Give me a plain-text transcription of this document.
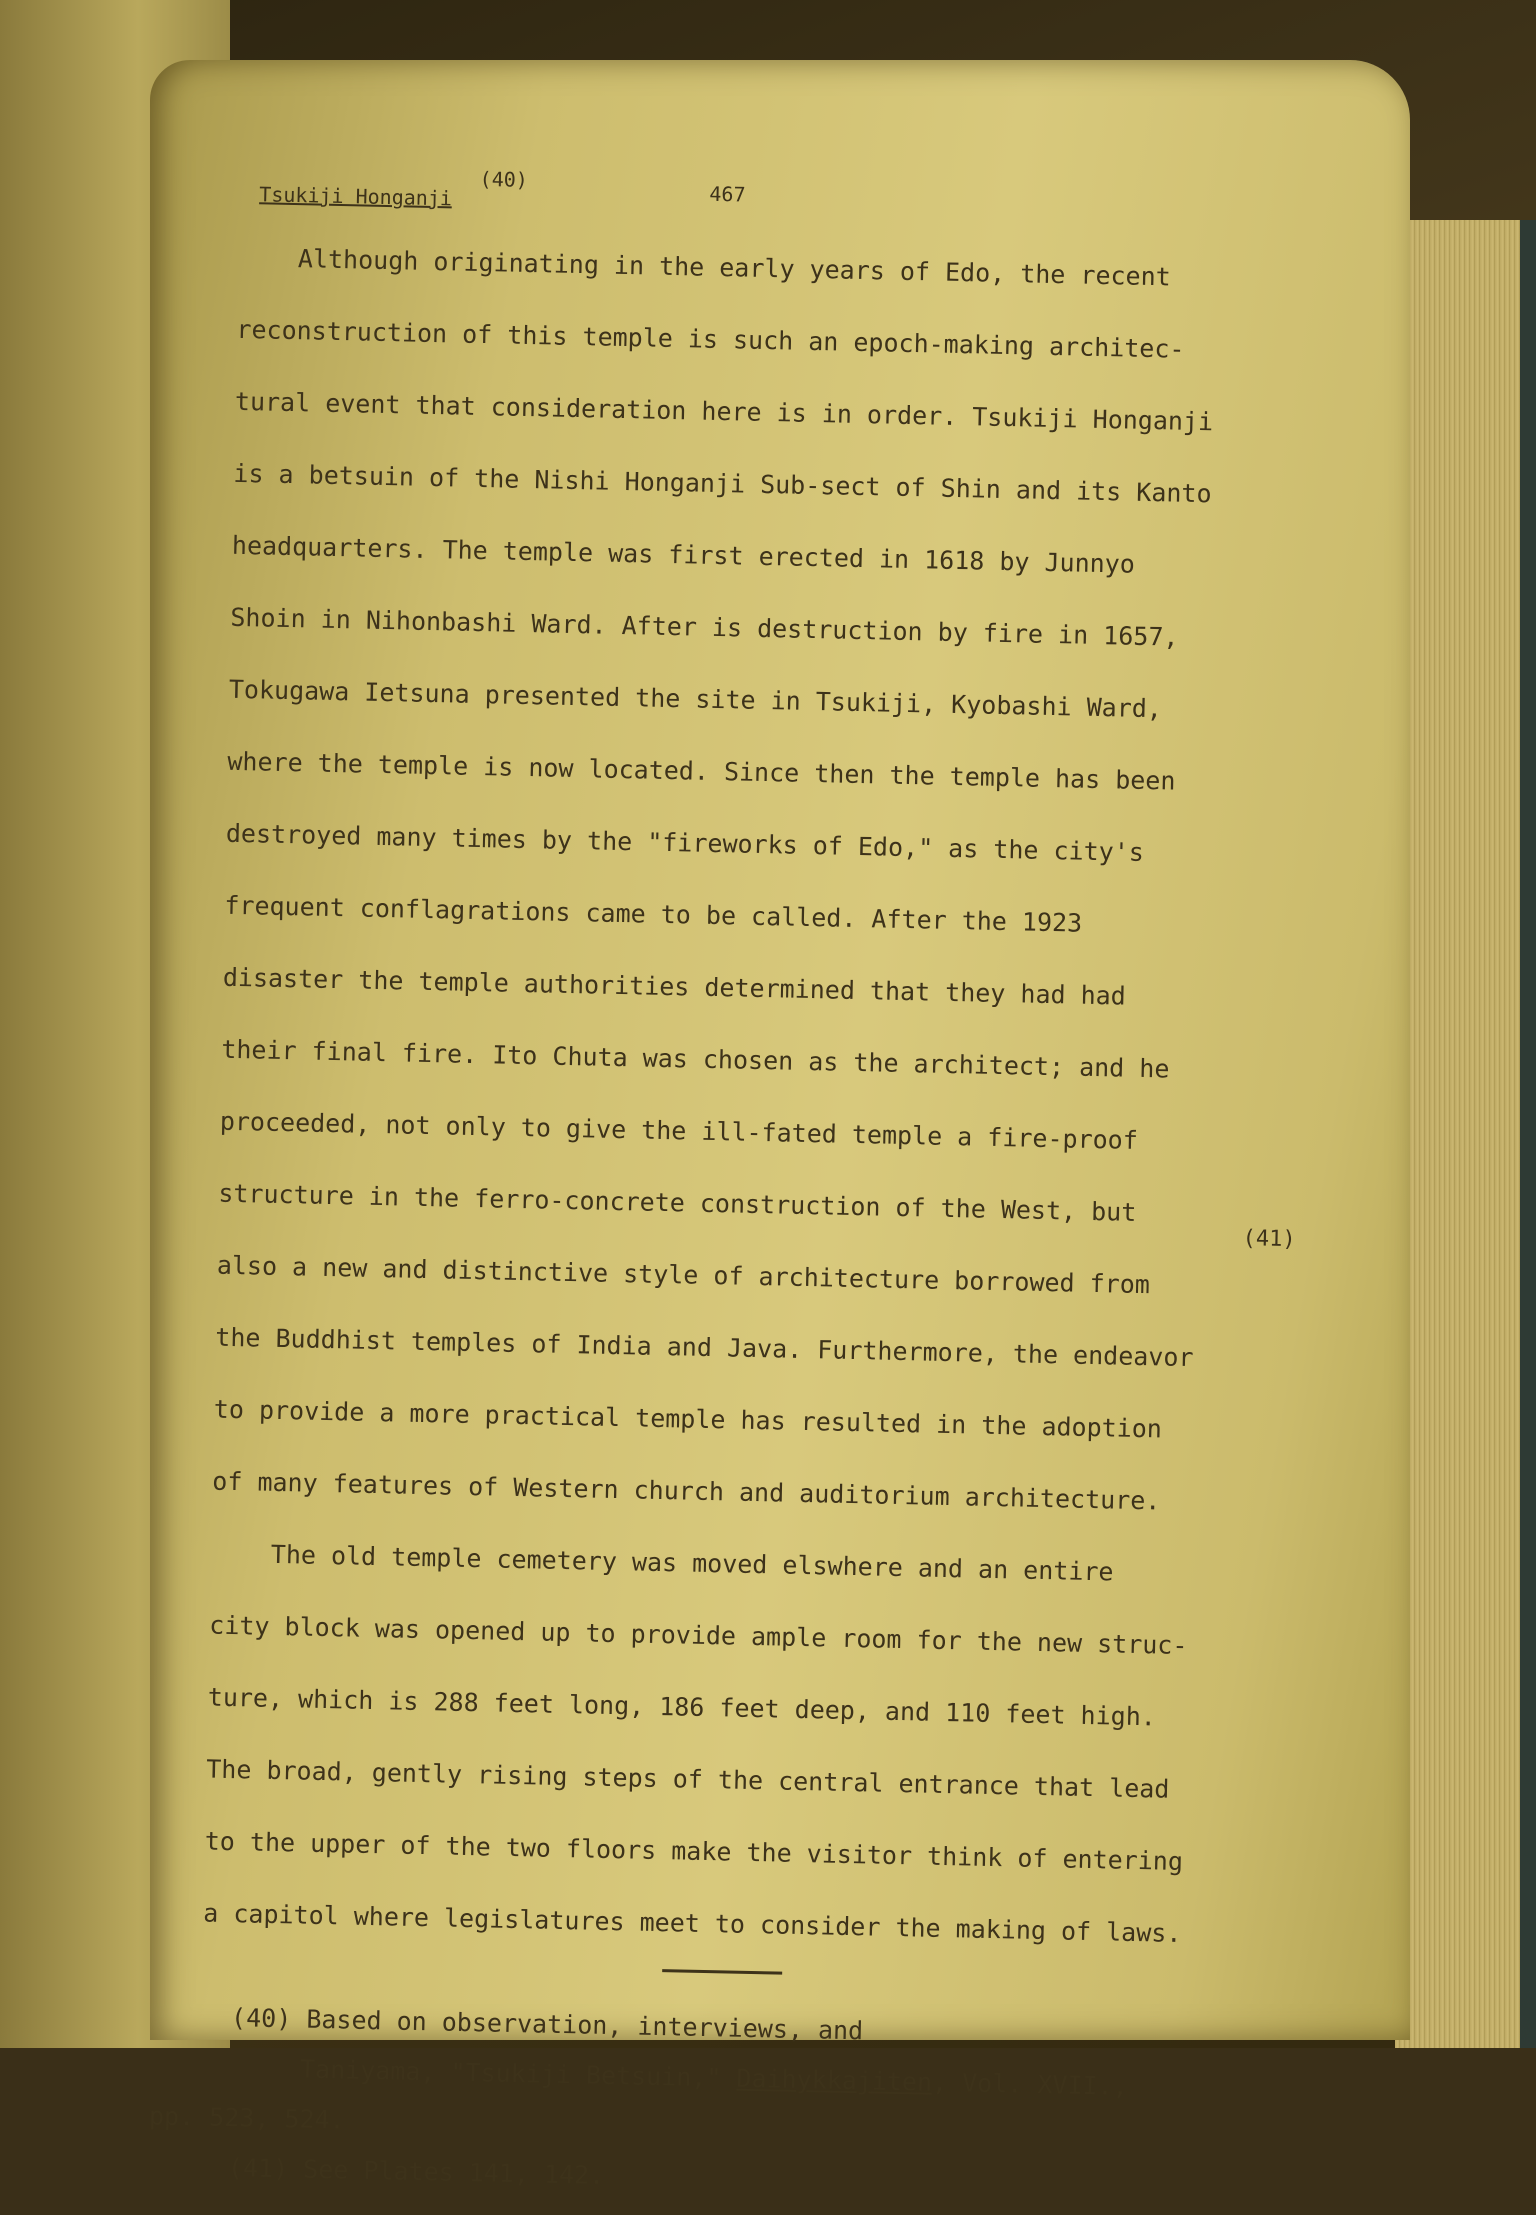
Tsukiji Honganji
(40)
467
Although originating in the early years of Edo, the recent
reconstruction of this temple is such an epoch-making architec-
tural event that consideration here is in order. Tsukiji Honganji
is a betsuin of the Nishi Honganji Sub-sect of Shin and its Kanto
headquarters. The temple was first erected in 1618 by Junnyo
Shoin in Nihonbashi Ward. After is destruction by fire in 1657,
Tokugawa Ietsuna presented the site in Tsukiji, Kyobashi Ward,
where the temple is now located. Since then the temple has been
destroyed many times by the "fireworks of Edo," as the city's
frequent conflagrations came to be called. After the 1923
disaster the temple authorities determined that they had had
their final fire. Ito Chuta was chosen as the architect; and he
proceeded, not only to give the ill-fated temple a fire-proof
structure in the ferro-concrete construction of the West, but
also a new and distinctive style of architecture borrowed from
the Buddhist temples of India and Java. Furthermore, the endeavor
to provide a more practical temple has resulted in the adoption
of many features of Western church and auditorium architecture.
The old temple cemetery was moved elswhere and an entire
city block was opened up to provide ample room for the new struc-
ture, which is 288 feet long, 186 feet deep, and 110 feet high.
The broad, gently rising steps of the central entrance that lead
to the upper of the two floors make the visitor think of entering
a capitol where legislatures meet to consider the making of laws.
(40) Based on observation, interviews, and
Taniyama, "Tsukiji Betsuin," Daihykkajiten, Vol. XVII.,
pp. 523, 524.
(41) See Plates 141, 142.
(41)
